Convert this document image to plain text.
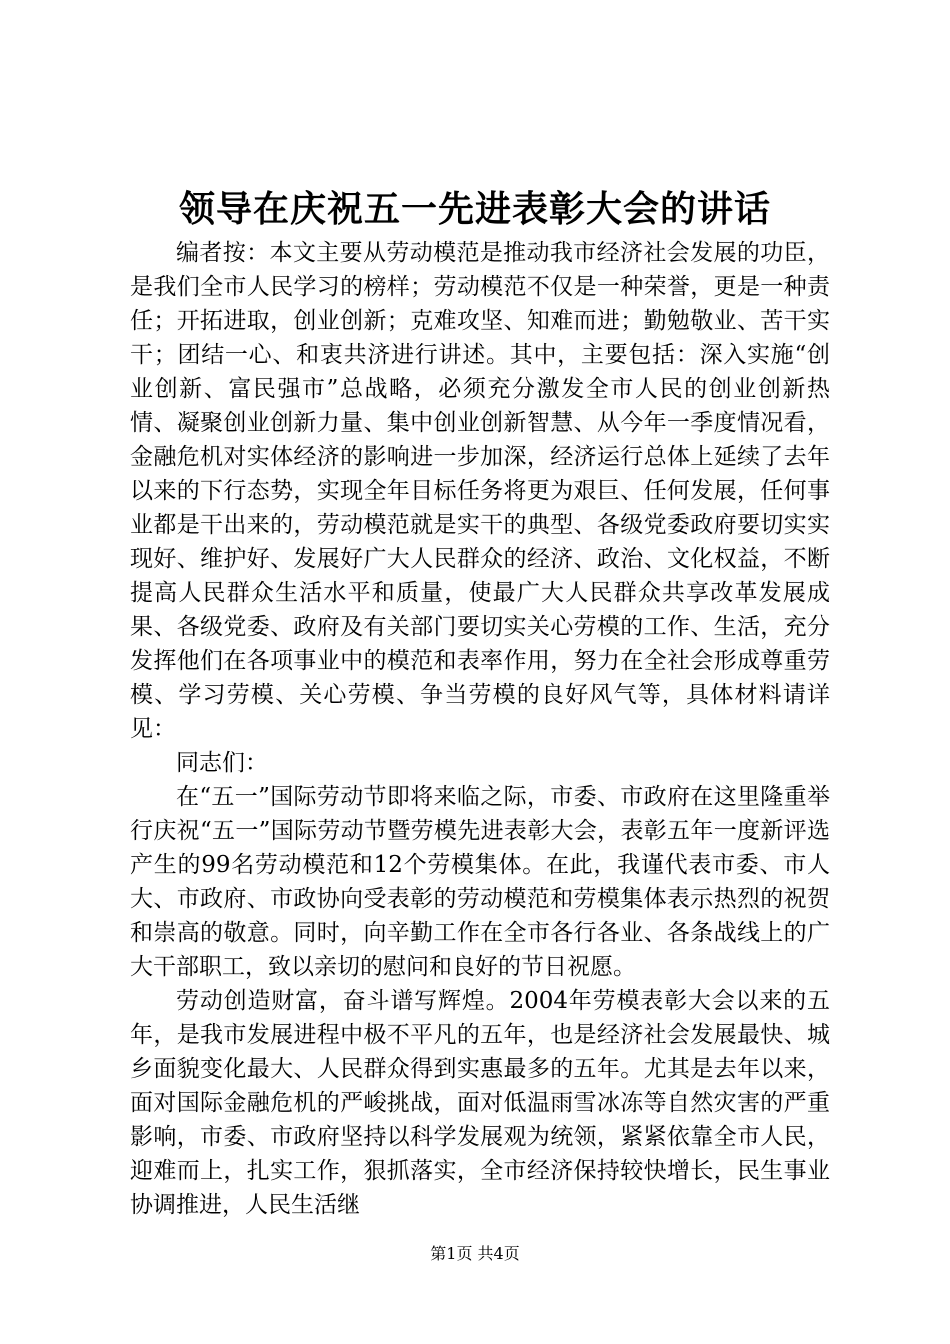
领导在庆祝五一先进表彰大会的讲话

编者按：本文主要从劳动模范是推动我市经济社会发展的功臣，是我们全市人民学习的榜样；劳动模范不仅是一种荣誉，更是一种责任；开拓进取，创业创新；克难攻坚、知难而进；勤勉敬业、苦干实干；团结一心、和衷共济进行讲述。其中，主要包括：深入实施“创业创新、富民强市”总战略，必须充分激发全市人民的创业创新热情、凝聚创业创新力量、集中创业创新智慧、从今年一季度情况看，金融危机对实体经济的影响进一步加深，经济运行总体上延续了去年以来的下行态势，实现全年目标任务将更为艰巨、任何发展，任何事业都是干出来的，劳动模范就是实干的典型、各级党委政府要切实实现好、维护好、发展好广大人民群众的经济、政治、文化权益，不断提高人民群众生活水平和质量，使最广大人民群众共享改革发展成果、各级党委、政府及有关部门要切实关心劳模的工作、生活，充分发挥他们在各项事业中的模范和表率作用，努力在全社会形成尊重劳模、学习劳模、关心劳模、争当劳模的良好风气等，具体材料请详见：

同志们：

在“五一”国际劳动节即将来临之际，市委、市政府在这里隆重举行庆祝“五一”国际劳动节暨劳模先进表彰大会，表彰五年一度新评选产生的99名劳动模范和12个劳模集体。在此，我谨代表市委、市人大、市政府、市政协向受表彰的劳动模范和劳模集体表示热烈的祝贺和崇高的敬意。同时，向辛勤工作在全市各行各业、各条战线上的广大干部职工，致以亲切的慰问和良好的节日祝愿。

劳动创造财富，奋斗谱写辉煌。2004年劳模表彰大会以来的五年，是我市发展进程中极不平凡的五年，也是经济社会发展最快、城乡面貌变化最大、人民群众得到实惠最多的五年。尤其是去年以来，面对国际金融危机的严峻挑战，面对低温雨雪冰冻等自然灾害的严重影响，市委、市政府坚持以科学发展观为统领，紧紧依靠全市人民，迎难而上，扎实工作，狠抓落实，全市经济保持较快增长，民生事业协调推进，人民生活继

第1页 共4页
